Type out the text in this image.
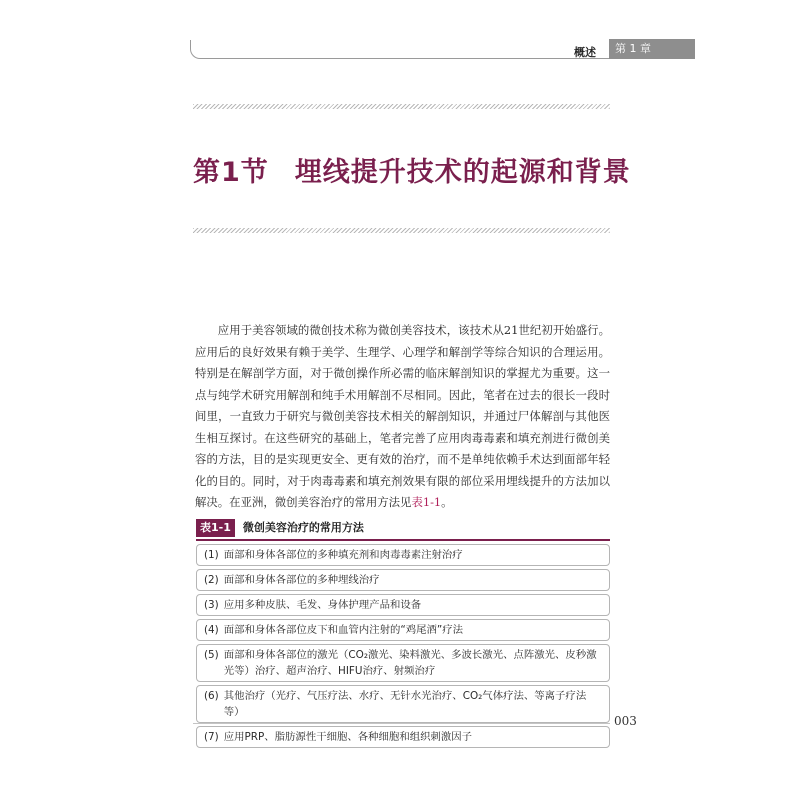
概述	第 1 章
第1节 埋线提升技术的起源和背景

应用于美容领域的微创技术称为微创美容技术，该技术从21世纪初开始盛行。应用后的良好效果有赖于美学、生理学、心理学和解剖学等综合知识的合理运用。特别是在解剖学方面，对于微创操作所必需的临床解剖知识的掌握尤为重要。这一点与纯学术研究用解剖和纯手术用解剖不尽相同。因此，笔者在过去的很长一段时间里，一直致力于研究与微创美容技术相关的解剖知识，并通过尸体解剖与其他医生相互探讨。在这些研究的基础上，笔者完善了应用肉毒毒素和填充剂进行微创美容的方法，目的是实现更安全、更有效的治疗，而不是单纯依赖手术达到面部年轻化的目的。同时，对于肉毒毒素和填充剂效果有限的部位采用埋线提升的方法加以解决。在亚洲，微创美容治疗的常用方法见表1-1。

表1-1 微创美容治疗的常用方法
(1) 面部和身体各部位的多种填充剂和肉毒毒素注射治疗
(2) 面部和身体各部位的多种埋线治疗
(3) 应用多种皮肤、毛发、身体护理产品和设备
(4) 面部和身体各部位皮下和血管内注射的“鸡尾酒”疗法
(5) 面部和身体各部位的激光（CO₂激光、染料激光、多波长激光、点阵激光、皮秒激光等）治疗、超声治疗、HIFU治疗、射频治疗
(6) 其他治疗（光疗、气压疗法、水疗、无针水光治疗、CO₂气体疗法、等离子疗法等）
(7) 应用PRP、脂肪源性干细胞、各种细胞和组织刺激因子
003
